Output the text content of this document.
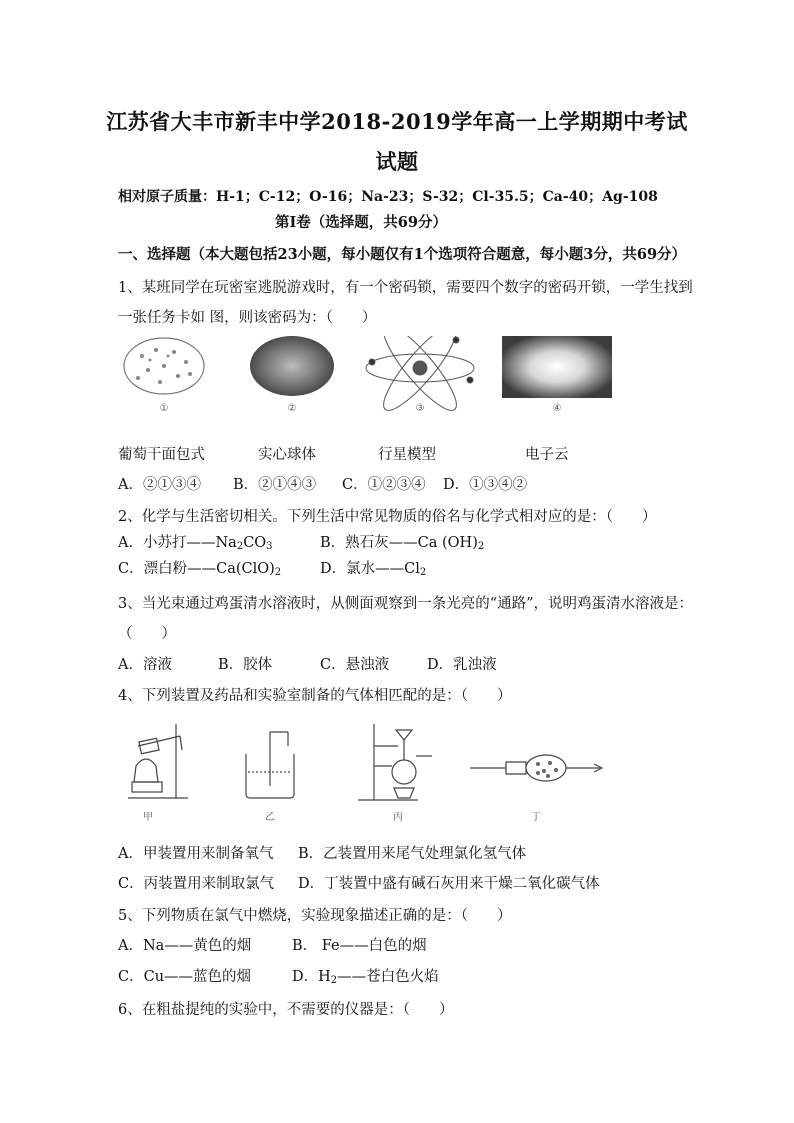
江苏省大丰市新丰中学2018-2019学年高一上学期期中考试
试题
相对原子质量：H-1；C-12；O-16；Na-23；S-32；Cl-35.5；Ca-40；Ag-108
第Ⅰ卷（选择题，共69分）
一、选择题（本大题包括23小题，每小题仅有1个选项符合题意，每小题3分，共69分）
1、某班同学在玩密室逃脱游戏时，有一个密码锁，需要四个数字的密码开锁，一学生找到
一张任务卡如 图，则该密码为：（　　）
①	②	③	④
葡萄干面包式	实心球体	行星模型	电子云
A．②①③④ B．②①④③ C．①②③④ D．①③④②
2、化学与生活密切相关。下列生活中常见物质的俗名与化学式相对应的是：（　　）
A．小苏打$——Na_2CO_3$	B．熟石灰——Ca $(OH)_2$
C．漂白粉$——Ca(ClO)_2$	D．氯水$——Cl_2$
3、当光束通过鸡蛋清水溶液时，从侧面观察到一条光亮的“通路”，说明鸡蛋清水溶液是：
（　　）
A．溶液	B．胶体	C．悬浊液	D．乳浊液
4、下列装置及药品和实验室制备的气体相匹配的是：（　　）
甲	乙	丙	丁
A．甲装置用来制备氧气 B．乙装置用来尾气处理氯化氢气体
C．丙装置用来制取氯气 D．丁装置中盛有碱石灰用来干燥二氧化碳气体
5、下列物质在氯气中燃烧，实验现象描述正确的是：（　　）
A．Na——黄色的烟	B． Fe——白色的烟
C．Cu——蓝色的烟	D．$H_2——$苍白色火焰
6、在粗盐提纯的实验中，不需要的仪器是：（　　）
